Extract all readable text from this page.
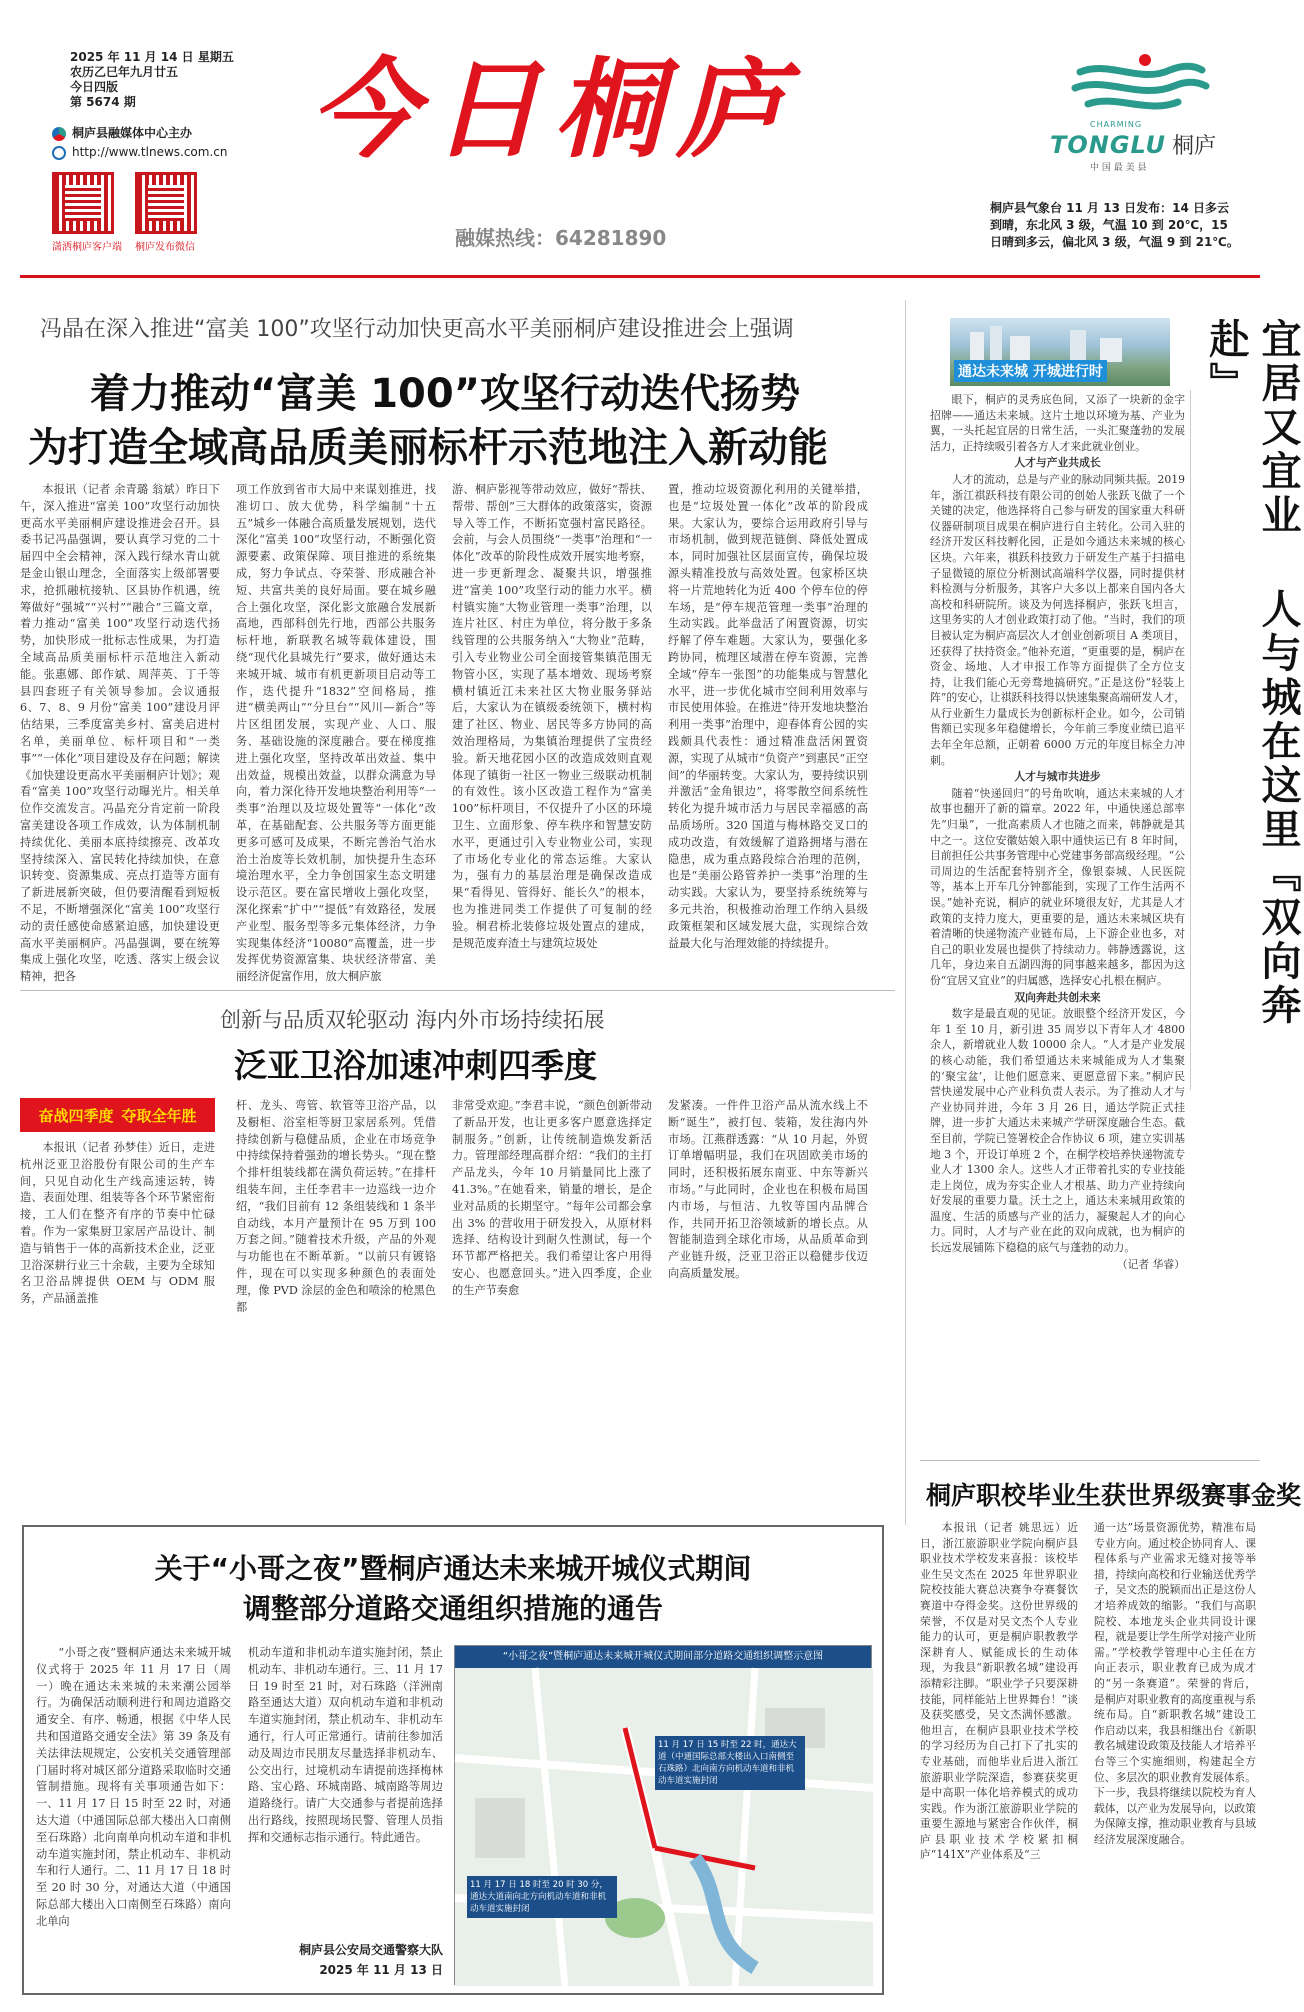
2025 年 11 月 14 日 星期五
农历乙巳年九月廿五
今日四版
第 5674 期
桐庐县融媒体中心主办
http://www.tlnews.com.cn
潇洒桐庐客户端 桐庐发布微信
今日桐庐
融媒热线：64281890
CHARMING
TONGLU 桐庐
中 国 最 美 县
桐庐县气象台 11 月 13 日发布：14 日多云到晴，东北风 3 级，气温 10 到 20℃，15 日晴到多云，偏北风 3 级，气温 9 到 21℃。
冯晶在深入推进“富美 100”攻坚行动加快更高水平美丽桐庐建设推进会上强调
着力推动“富美 100”攻坚行动迭代扬势
为打造全域高品质美丽标杆示范地注入新动能

本报讯（记者 余青璐 翁斌）昨日下午，深入推进“富美 100”攻坚行动加快更高水平美丽桐庐建设推进会召开。县委书记冯晶强调，要认真学习党的二十届四中全会精神，深入践行绿水青山就是金山银山理念，全面落实上级部署要求，抢抓融杭接轨、区县协作机遇，统筹做好“强城”“兴村”“融合”三篇文章，着力推动“富美 100”攻坚行动迭代扬势，加快形成一批标志性成果，为打造全域高品质美丽标杆示范地注入新动能。张惠娜、郎作斌、周萍英、丁千等县四套班子有关领导参加。会议通报 6、7、8、9 月份“富美 100”建设月评估结果，三季度富美乡村、富美启进村名单，美丽单位、标杆项目和“一类事”“一体化”项目建设及存在问题；解读《加快建设更高水平美丽桐庐计划》；观看“富美 100”攻坚行动曝光片。相关单位作交流发言。冯晶充分肯定前一阶段富美建设各项工作成效，认为体制机制持续优化、美丽本底持续擦亮、改革攻坚持续深入、富民转化持续加快，在意识转变、资源集成、亮点打造等方面有了新进展新突破，但仍要清醒看到短板不足，不断增强深化“富美 100”攻坚行动的责任感使命感紧迫感，加快建设更高水平美丽桐庐。冯晶强调，要在统筹集成上强化攻坚，吃透、落实上级会议精神，把各

项工作放到省市大局中来谋划推进，找准切口、放大优势，科学编制“十五五”城乡一体融合高质量发展规划，迭代深化“富美 100”攻坚行动，不断强化资源要素、政策保障、项目推进的系统集成，努力争试点、夺荣誉、形成融合补短、共富共美的良好局面。要在城乡融合上强化攻坚，深化影文旅融合发展新高地，西部科创先行地，西部公共服务标杆地，新联教名城等载体建设，围绕“现代化县城先行”要求，做好通达未来城开城、城市有机更新项目启动等工作，迭代提升“1832”空间格局，推进“横美两山”“分旦台”“风川—新合”等片区组团发展，实现产业、人口、服务、基础设施的深度融合。要在梯度推进上强化攻坚，坚持改革出效益、集中出效益，规模出效益，以群众满意为导向，着力深化待开发地块整治利用等“一类事”治理以及垃圾处置等“一体化”改革，在基础配套、公共服务等方面更能更多可感可及成果，不断完善治气治水治土治废等长效机制，加快提升生态环境治理水平，全力争创国家生态文明建设示范区。要在富民增收上强化攻坚，深化探索“扩中”“提低”有效路径，发展产业型、服务型等多元集体经济，力争实现集体经济“10080”高覆盖，进一步发挥优势资源富集、块状经济带富、美丽经济促富作用，放大桐庐旅

游、桐庐影视等带动效应，做好“帮扶、帮带、帮创”三大群体的政策落实，资源导入等工作，不断拓宽强村富民路径。会前，与会人员围绕“一类事”治理和“一体化”改革的阶段性成效开展实地考察，进一步更新理念、凝聚共识，增强推进“富美 100”攻坚行动的能力水平。横村镇实施“大物业管理一类事”治理，以连片社区、村庄为单位，将分散于多条线管理的公共服务纳入“大物业”范畴，引入专业物业公司全面接管集镇范围无物管小区，实现了基本增效、现场考察横村镇近江未来社区大物业服务驿站后，大家认为在镇级委统领下，横村构建了社区、物业、居民等多方协同的高效治理格局，为集镇治理提供了宝贵经验。新天地花园小区的改造成效则直观体现了镇街一社区一物业三级联动机制的有效性。该小区改造工程作为“富美 100”标杆项目，不仅提升了小区的环境卫生、立面形象、停车秩序和智慧安防水平，更通过引入专业物业公司，实现了市场化专业化的常态运维。大家认为，强有力的基层治理是确保改造成果“看得见、管得好、能长久”的根本，也为推进同类工作提供了可复制的经验。桐君桥北装修垃圾处置点的建成，是规范废弃渣土与建筑垃圾处

置，推动垃圾资源化利用的关键举措，也是“垃圾处置一体化”改革的阶段成果。大家认为，要综合运用政府引导与市场机制，做到规范链倒、降低处置成本，同时加强社区层面宣传，确保垃圾源头精准投放与高效处置。包家桥区块将一片荒地转化为近 400 个停车位的停车场，是“停车规范管理一类事”治理的生动实践。此举盘活了闲置资源，切实纾解了停车难题。大家认为，要强化多跨协同，梳理区域潜在停车资源，完善全域“停车一张图”的功能集成与智慧化水平，进一步优化城市空间利用效率与市民使用体验。在推进“待开发地块整治利用一类事”治理中，迎春体育公园的实践颇具代表性：通过精准盘活闲置资源，实现了从城市“负资产”到惠民“正空间”的华丽转变。大家认为，要持续识别并激活“金角银边”，将零散空间系统性转化为提升城市活力与居民幸福感的高品质场所。320 国道与梅林路交叉口的成功改造，有效缓解了道路拥堵与潜在隐患，成为重点路段综合治理的范例，也是“美丽公路管养护一类事”治理的生动实践。大家认为，要坚持系统统筹与多元共治，积极推动治理工作纳入县级政策框架和区域发展大盘，实现综合效益最大化与治理效能的持续提升。

创新与品质双轮驱动 海内外市场持续拓展
泛亚卫浴加速冲刺四季度
奋战四季度 夺取全年胜

本报讯（记者 孙梦佳）近日，走进杭州泛亚卫浴股份有限公司的生产车间，只见自动化生产线高速运转，铸造、表面处理、组装等各个环节紧密衔接，工人们在整齐有序的节奏中忙碌着。作为一家集厨卫家居产品设计、制造与销售于一体的高新技术企业，泛亚卫浴深耕行业三十余载，主要为全球知名卫浴品牌提供 OEM 与 ODM 服务，产品涵盖推

杆、龙头、弯管、软管等卫浴产品，以及橱柜、浴室柜等厨卫家居系列。凭借持续创新与稳健品质，企业在市场竞争中持续保持着强劲的增长势头。“现在整个排杆组装线都在满负荷运转。”在排杆组装车间，主任李君丰一边巡线一边介绍，“我们目前有 12 条组装线和 1 条半自动线，本月产量预计在 95 万到 100 万套之间。”随着技术升级，产品的外观与功能也在不断革新。“以前只有镀铬件，现在可以实现多种颜色的表面处理，像 PVD 涂层的金色和喷涂的枪黑色都

非常受欢迎。”李君丰说，“颜色创新带动了新品开发，也让更多客户愿意选择定制服务。”创新，让传统制造焕发新活力。管理部经理高群介绍：“我们的主打产品龙头，今年 10 月销量同比上涨了 41.3%。”在她看来，销量的增长，是企业对品质的长期坚守。“每年公司都会拿出 3% 的营收用于研发投入，从原材料选择、结构设计到耐久性测试，每一个环节都严格把关。我们希望让客户用得安心、也愿意回头。”进入四季度，企业的生产节奏愈

发紧凑。一件件卫浴产品从流水线上不断“诞生”，被打包、装箱，发往海内外市场。江燕群透露：“从 10 月起，外贸订单增幅明显，我们在巩固欧美市场的同时，还积极拓展东南亚、中东等新兴市场。”与此同时，企业也在积极布局国内市场，与恒洁、九牧等国内品牌合作，共同开拓卫浴领域新的增长点。从智能制造到全球化市场，从品质革命到产业链升级，泛亚卫浴正以稳健步伐迈向高质量发展。

通达未来城 开城进行时	宜居又宜业  人与城在这里『双向奔赴』

眼下，桐庐的灵秀底色间，又添了一块新的金字招牌——通达未来城。这片土地以环境为基、产业为翼，一头托起宜居的日常生活，一头汇聚蓬勃的发展活力，正持续吸引着各方人才来此就业创业。

人才与产业共成长

人才的流动，总是与产业的脉动同频共振。2019 年，浙江祺跃科技有限公司的创始人张跃飞做了一个关键的决定，他选择将自己参与研发的国家重大科研仪器研制项目成果在桐庐进行自主转化。公司入驻的经济开发区科技孵化园，正是如今通达未来城的核心区块。六年来，祺跃科技致力于研发生产基于扫描电子显微镜的原位分析测试高端科学仪器，同时提供材料检测与分析服务，其客户大多以上都来自国内各大高校和科研院所。谈及为何选择桐庐，张跃飞坦言，这里务实的人才创业政策打动了他。“当时，我们的项目被认定为桐庐高层次人才创业创新项目 A 类项目，还获得了扶持资金。”他补充道，“更重要的是，桐庐在资金、场地、人才申报工作等方面提供了全方位支持，让我们能心无旁骛地搞研究。”正是这份“轻装上阵”的安心，让祺跃科技得以快速集聚高端研发人才，从行业新生力量成长为创新标杆企业。如今，公司销售额已实现多年稳健增长，今年前三季度业绩已追平去年全年总额，正朝着 6000 万元的年度目标全力冲刺。

人才与城市共进步

随着“快递回归”的号角吹响，通达未来城的人才故事也翻开了新的篇章。2022 年，中通快递总部率先“归巢”，一批高素质人才也随之而来，韩静就是其中之一。这位安徽姑娘入职中通快运已有 8 年时间，目前担任公共事务管理中心党建事务部高级经理。“公司周边的生活配套特别齐全，像银泰城、人民医院等，基本上开车几分钟都能到，实现了工作生活两不误。”她补充说，桐庐的就业环境很友好，尤其是人才政策的支持力度大，更重要的是，通达未来城区块有着清晰的快递物流产业链布局，上下游企业也多，对自己的职业发展也提供了持续动力。韩静透露说，这几年，身边来自五湖四海的同事越来越多，都因为这份“宜居又宜业”的归属感，选择安心扎根在桐庐。

双向奔赴共创未来

数字是最直观的见证。放眼整个经济开发区，今年 1 至 10 月，新引进 35 周岁以下青年人才 4800 余人，新增就业人数 10000 余人。“人才是产业发展的核心动能，我们希望通达未来城能成为人才集聚的‘聚宝盆’，让他们愿意来、更愿意留下来。”桐庐民营快递发展中心产业科负责人表示。为了推动人才与产业协同并进，今年 3 月 26 日，通达学院正式挂牌，进一步扩大通达未来城产学研深度融合生态。截至目前，学院已签署校企合作协议 6 项，建立实训基地 3 个，开设订单班 2 个，在桐学校培养快递物流专业人才 1300 余人。这些人才正带着扎实的专业技能走上岗位，成为夯实企业人才根基、助力产业持续向好发展的重要力量。沃土之上，通达未来城用政策的温度、生活的质感与产业的活力，凝聚起人才的向心力。同时，人才与产业在此的双向成就，也为桐庐的长远发展铺陈下稳稳的底气与蓬勃的动力。

（记者 华睿）

桐庐职校毕业生获世界级赛事金奖

本报讯（记者 姚思远）近日，浙江旅游职业学院向桐庐县职业技术学校发来喜报：该校毕业生吴文杰在 2025 年世界职业院校技能大赛总决赛争夺赛餐饮赛道中夺得金奖。这份世界级的荣誉，不仅是对吴文杰个人专业能力的认可，更是桐庐职教教学深耕育人、赋能成长的生动体现，为我县“新职教名城”建设再添精彩注脚。“职业学子只要深耕技能，同样能站上世界舞台！”谈及获奖感受，吴文杰满怀感激。他坦言，在桐庐县职业技术学校的学习经历为自己打下了扎实的专业基础，而他毕业后进入浙江旅游职业学院深造，参赛获奖更是中高职一体化培养模式的成功实践。作为浙江旅游职业学院的重要生源地与紧密合作伙伴，桐庐县职业技术学校紧扣桐庐“141X”产业体系及“三

通一达”场景资源优势，精准布局专业方向。通过校企协同育人、课程体系与产业需求无缝对接等举措，持续向高校和行业输送优秀学子，吴文杰的脱颖而出正是这份人才培养成效的缩影。“我们与高职院校、本地龙头企业共同设计课程，就是要让学生所学对接产业所需。”学校教学管理中心主任在方向正表示，职业教育已成为成才的“另一条赛道”。荣誉的背后，是桐庐对职业教育的高度重视与系统布局。自“新职教名城”建设工作启动以来，我县相继出台《新职教名城建设政策及技能人才培养平台等三个实施细则，构建起全方位、多层次的职业教育发展体系。下一步，我县将继续以院校为育人载体，以产业为发展导向，以政策为保障支撑，推动职业教育与县域经济发展深度融合。

关于“小哥之夜”暨桐庐通达未来城开城仪式期间
调整部分道路交通组织措施的通告

“小哥之夜”暨桐庐通达未来城开城仪式将于 2025 年 11 月 17 日（周一）晚在通达未来城的未来潮公园举行。为确保活动顺利进行和周边道路交通安全、有序、畅通，根据《中华人民共和国道路交通安全法》第 39 条及有关法律法规规定，公安机关交通管理部门届时将对城区部分道路采取临时交通管制措施。现将有关事项通告如下：一、11 月 17 日 15 时至 22 时，对通达大道（中通国际总部大楼出入口南侧至石珠路）北向南单向机动车道和非机动车道实施封闭，禁止机动车、非机动车和行人通行。二、11 月 17 日 18 时至 20 时 30 分，对通达大道（中通国际总部大楼出入口南侧至石珠路）南向北单向

机动车道和非机动车道实施封闭，禁止机动车、非机动车通行。三、11 月 17 日 19 时至 21 时，对石珠路（洋洲南路至通达大道）双向机动车道和非机动车道实施封闭，禁止机动车、非机动车通行，行人可正常通行。请前往参加活动及周边市民朋友尽量选择非机动车、公交出行，过境机动车请提前选择梅林路、宝心路、环城南路、城南路等周边道路绕行。请广大交通参与者提前选择出行路线，按照现场民警、管理人员指挥和交通标志指示通行。特此通告。

桐庐县公安局交通警察大队
2025 年 11 月 13 日
“小哥之夜”暨桐庐通达未来城开城仪式期间部分道路交通组织调整示意图
11 月 17 日 15 时至 22 时，通达大道（中通国际总部大楼出入口南侧至石珠路）北向南方向机动车道和非机动车道实施封闭
11 月 17 日 18 时至 20 时 30 分，通达大道南向北方向机动车道和非机动车道实施封闭
